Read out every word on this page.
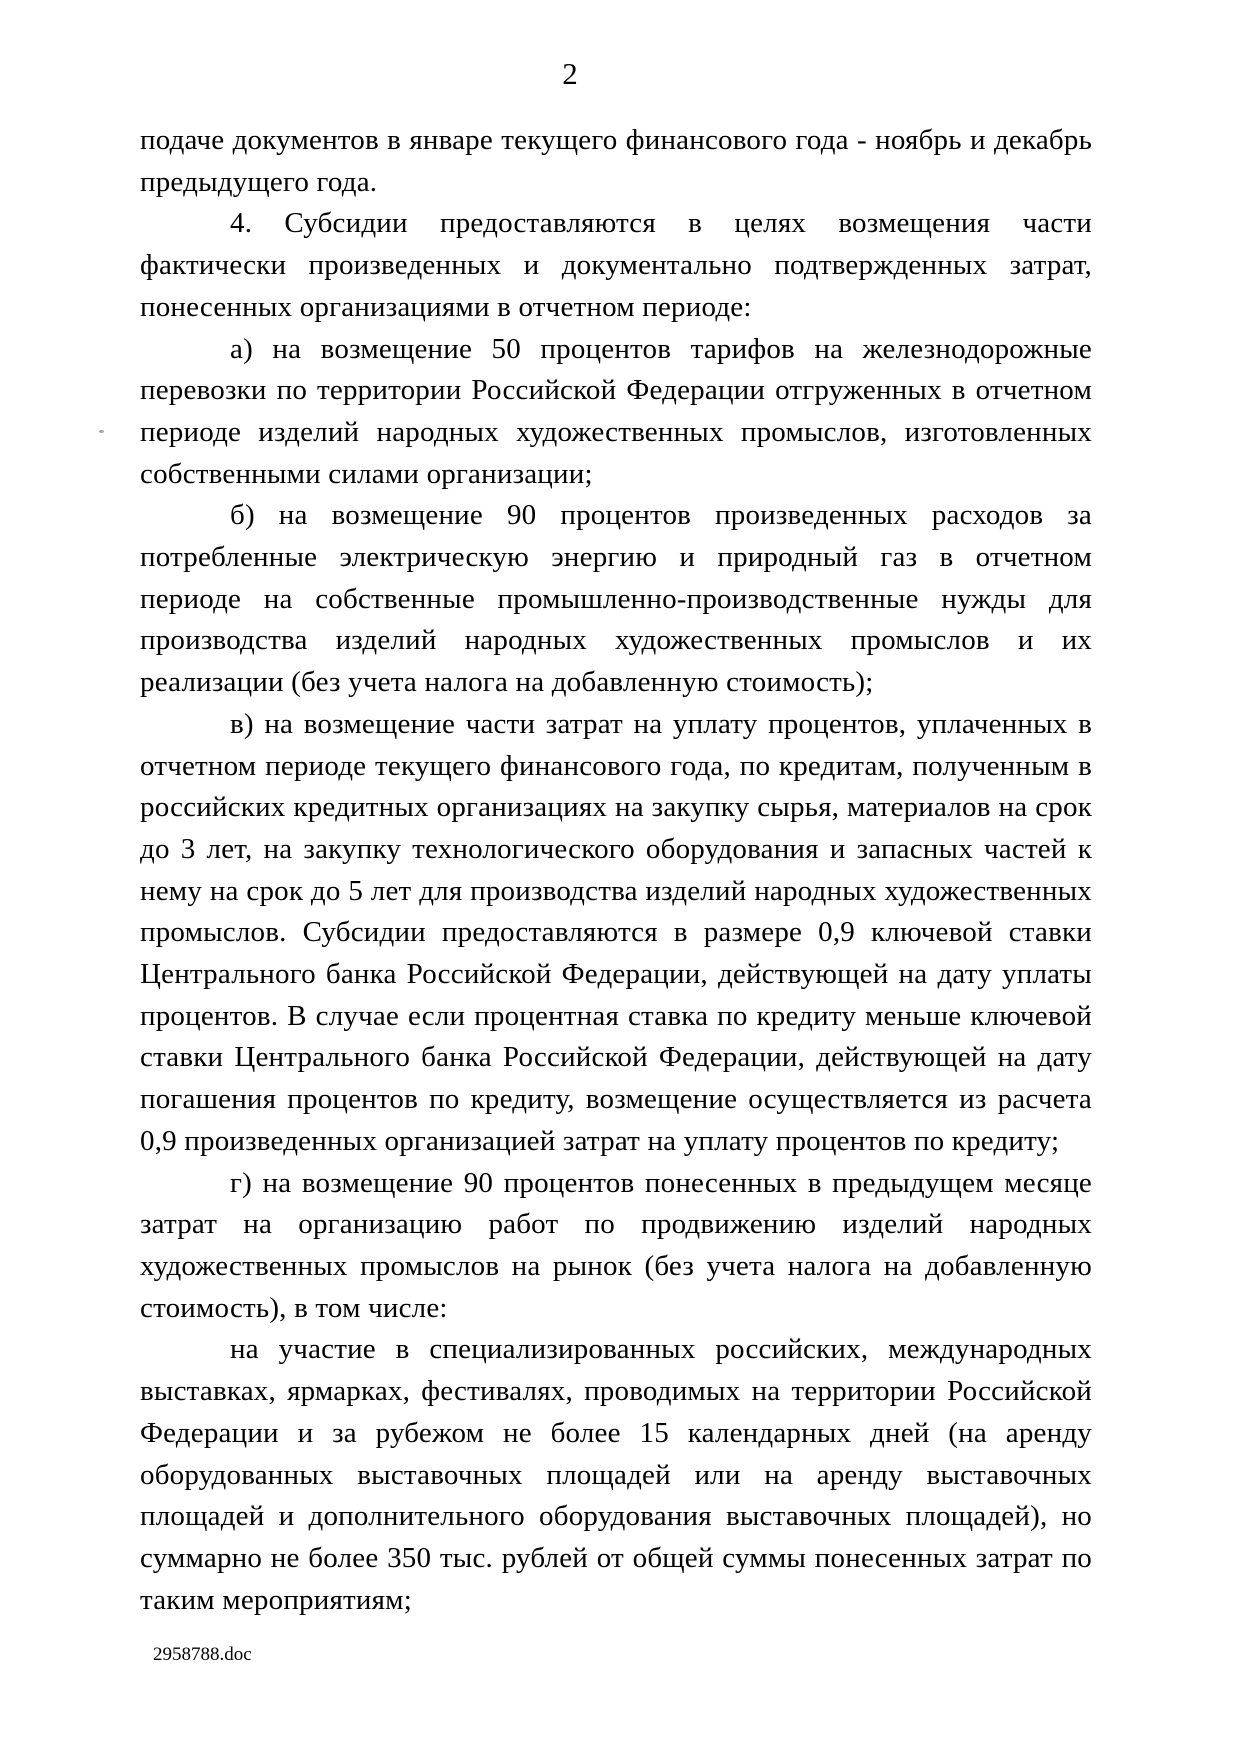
2

подаче документов в январе текущего финансового года - ноябрь и декабрь предыдущего года.

4. Субсидии предоставляются в целях возмещения части фактически произведенных и документально подтвержденных затрат, понесенных организациями в отчетном периоде:

а) на возмещение 50 процентов тарифов на железнодорожные перевозки по территории Российской Федерации отгруженных в отчетном периоде изделий народных художественных промыслов, изготовленных собственными силами организации;

б) на возмещение 90 процентов произведенных расходов за потребленные электрическую энергию и природный газ в отчетном периоде на собственные промышленно-производственные нужды для производства изделий народных художественных промыслов и их реализации (без учета налога на добавленную стоимость);

в) на возмещение части затрат на уплату процентов, уплаченных в отчетном периоде текущего финансового года, по кредитам, полученным в российских кредитных организациях на закупку сырья, материалов на срок до 3 лет, на закупку технологического оборудования и запасных частей к нему на срок до 5 лет для производства изделий народных художественных промыслов. Субсидии предоставляются в размере 0,9 ключевой ставки Центрального банка Российской Федерации, действующей на дату уплаты процентов. В случае если процентная ставка по кредиту меньше ключевой ставки Центрального банка Российской Федерации, действующей на дату погашения процентов по кредиту, возмещение осуществляется из расчета 0,9 произведенных организацией затрат на уплату процентов по кредиту;

г) на возмещение 90 процентов понесенных в предыдущем месяце затрат на организацию работ по продвижению изделий народных художественных промыслов на рынок (без учета налога на добавленную стоимость), в том числе:

на участие в специализированных российских, международных выставках, ярмарках, фестивалях, проводимых на территории Российской Федерации и за рубежом не более 15 календарных дней (на аренду оборудованных выставочных площадей или на аренду выставочных площадей и дополнительного оборудования выставочных площадей), но суммарно не более 350 тыс. рублей от общей суммы понесенных затрат по таким мероприятиям;

2958788.doc
